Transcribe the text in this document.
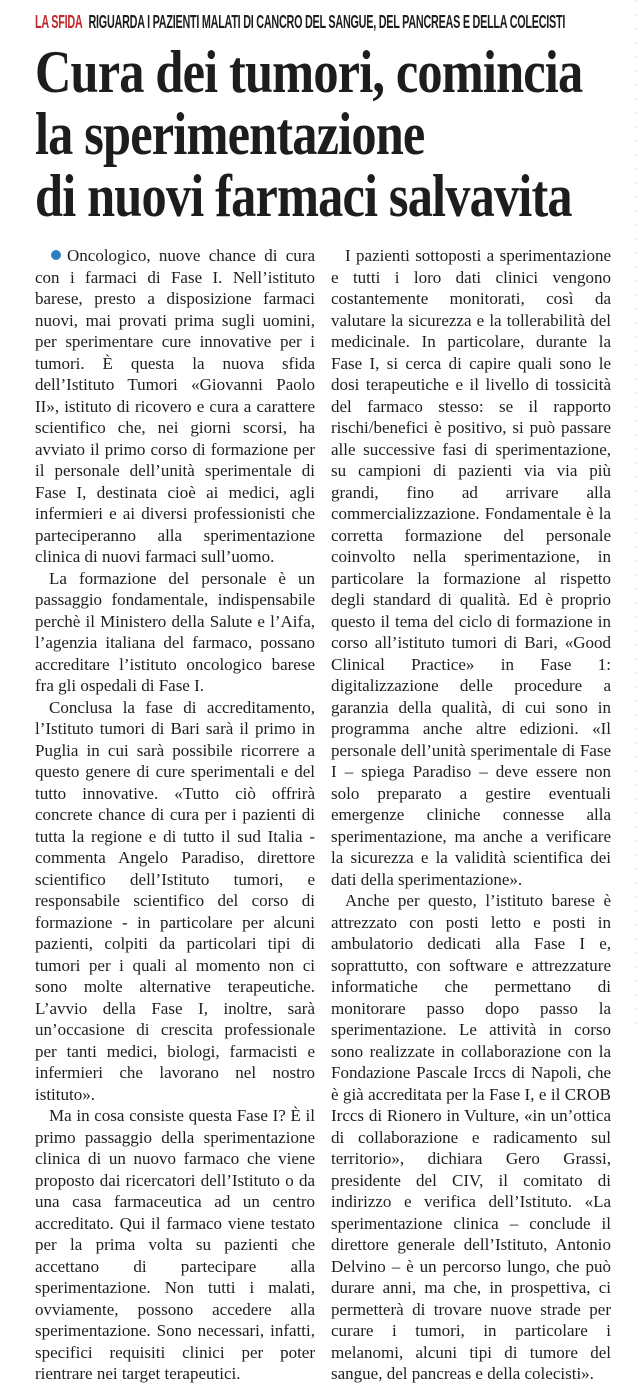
LA SFIDA RIGUARDA I PAZIENTI MALATI DI CANCRO DEL SANGUE, DEL PANCREAS E DELLA COLECISTI
Cura dei tumori, comincia
la sperimentazione
di nuovi farmaci salvavita

Oncologico, nuove chance di cura con i farmaci di Fase I. Nell’istituto barese, presto a disposizione farmaci nuovi, mai provati prima sugli uomini, per sperimentare cure innovative per i tumori. È questa la nuova sfida dell’Istituto Tumori «Giovanni Paolo II», istituto di ricovero e cura a carattere scientifico che, nei giorni scorsi, ha avviato il primo corso di formazione per il personale dell’unità sperimentale di Fase I, destinata cioè ai medici, agli infermieri e ai diversi professionisti che parteciperanno alla sperimentazione clinica di nuovi farmaci sull’uomo.

La formazione del personale è un passaggio fondamentale, indispensabile perchè il Ministero della Salute e l’Aifa, l’agenzia italiana del farmaco, possano accreditare l’istituto oncologico barese fra gli ospedali di Fase I.

Conclusa la fase di accreditamento, l’Istituto tumori di Bari sarà il primo in Puglia in cui sarà possibile ricorrere a questo genere di cure sperimentali e del tutto innovative. «Tutto ciò offrirà concrete chance di cura per i pazienti di tutta la regione e di tutto il sud Italia - commenta Angelo Paradiso, direttore scientifico dell’Istituto tumori, e responsabile scientifico del corso di formazione - in particolare per alcuni pazienti, colpiti da particolari tipi di tumori per i quali al momento non ci sono molte alternative terapeutiche. L’avvio della Fase I, inoltre, sarà un’occasione di crescita professionale per tanti medici, biologi, farmacisti e infermieri che lavorano nel nostro istituto».

Ma in cosa consiste questa Fase I? È il primo passaggio della sperimentazione clinica di un nuovo farmaco che viene proposto dai ricercatori dell’Istituto o da una casa farmaceutica ad un centro accreditato. Qui il farmaco viene testato per la prima volta su pazienti che accettano di partecipare alla sperimentazione. Non tutti i malati, ovviamente, possono accedere alla sperimentazione. Sono necessari, infatti, specifici requisiti clinici per poter rientrare nei target terapeutici.

I pazienti sottoposti a sperimentazione e tutti i loro dati clinici vengono costantemente monitorati, così da valutare la sicurezza e la tollerabilità del medicinale. In particolare, durante la Fase I, si cerca di capire quali sono le dosi terapeutiche e il livello di tossicità del farmaco stesso: se il rapporto rischi/benefici è positivo, si può passare alle successive fasi di sperimentazione, su campioni di pazienti via via più grandi, fino ad arrivare alla commercializzazione. Fondamentale è la corretta formazione del personale coinvolto nella sperimentazione, in particolare la formazione al rispetto degli standard di qualità. Ed è proprio questo il tema del ciclo di formazione in corso all’istituto tumori di Bari, «Good Clinical Practice» in Fase 1: digitalizzazione delle procedure a garanzia della qualità, di cui sono in programma anche altre edizioni. «Il personale dell’unità sperimentale di Fase I – spiega Paradiso – deve essere non solo preparato a gestire eventuali emergenze cliniche connesse alla sperimentazione, ma anche a verificare la sicurezza e la validità scientifica dei dati della sperimentazione».

Anche per questo, l’istituto barese è attrezzato con posti letto e posti in ambulatorio dedicati alla Fase I e, soprattutto, con software e attrezzature informatiche che permettano di monitorare passo dopo passo la sperimentazione. Le attività in corso sono realizzate in collaborazione con la Fondazione Pascale Irccs di Napoli, che è già accreditata per la Fase I, e il CROB Irccs di Rionero in Vulture, «in un’ottica di collaborazione e radicamento sul territorio», dichiara Gero Grassi, presidente del CIV, il comitato di indirizzo e verifica dell’Istituto. «La sperimentazione clinica – conclude il direttore generale dell’Istituto, Antonio Delvino – è un percorso lungo, che può durare anni, ma che, in prospettiva, ci permetterà di trovare nuove strade per curare i tumori, in particolare i melanomi, alcuni tipi di tumore del sangue, del pancreas e della colecisti».
